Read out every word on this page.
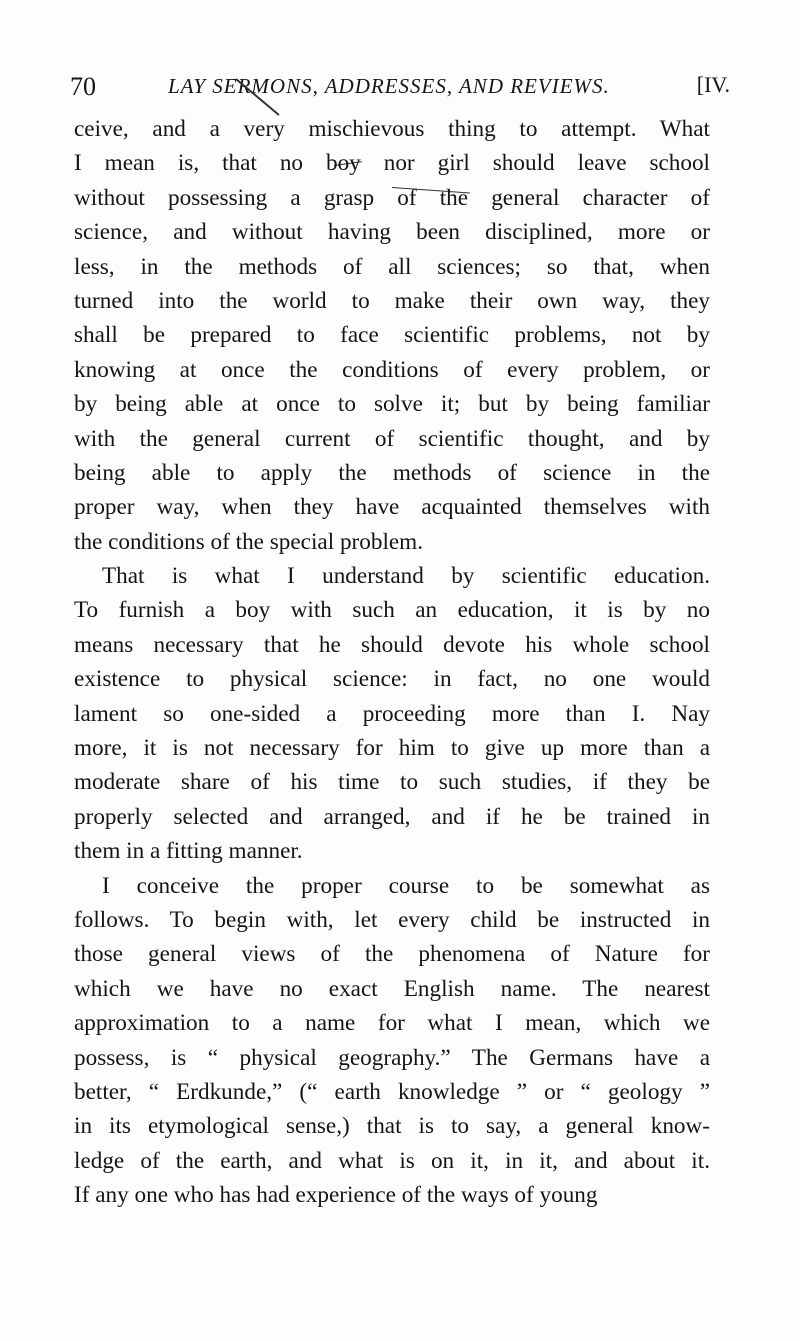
70	LAY SERMONS, ADDRESSES, AND REVIEWS.	[IV.
ceive, and a very mischievous thing to attempt. What
I mean is, that no boy nor girl should leave school
without possessing a grasp of the general character of
science, and without having been disciplined, more or
less, in the methods of all sciences; so that, when
turned into the world to make their own way, they
shall be prepared to face scientific problems, not by
knowing at once the conditions of every problem, or
by being able at once to solve it; but by being familiar
with the general current of scientific thought, and by
being able to apply the methods of science in the
proper way, when they have acquainted themselves with
the conditions of the special problem.
That is what I understand by scientific education.
To furnish a boy with such an education, it is by no
means necessary that he should devote his whole school
existence to physical science: in fact, no one would
lament so one-sided a proceeding more than I. Nay
more, it is not necessary for him to give up more than a
moderate share of his time to such studies, if they be
properly selected and arranged, and if he be trained in
them in a fitting manner.
I conceive the proper course to be somewhat as
follows. To begin with, let every child be instructed in
those general views of the phenomena of Nature for
which we have no exact English name. The nearest
approximation to a name for what I mean, which we
possess, is “ physical geography.” The Germans have a
better, “ Erdkunde,” (“ earth knowledge ” or “ geology ”
in its etymological sense,) that is to say, a general know-
ledge of the earth, and what is on it, in it, and about it.
If any one who has had experience of the ways of young
